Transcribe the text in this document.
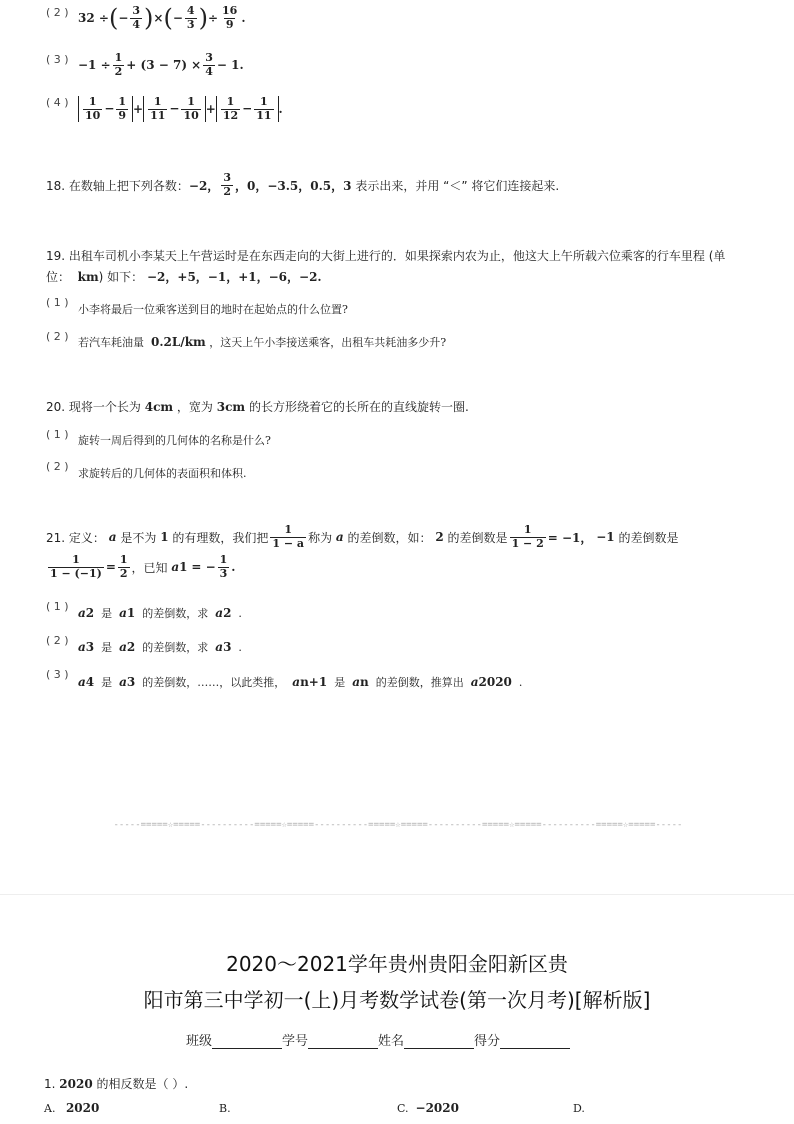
( 2 ) 32 ÷ ( − $\frac{3}{4}$ ) × ( − $\frac{4}{3}$ ) ÷ $\frac{16}{9}$ .
( 3 ) $-1 \div \frac{1}{2} + (3 - 7) \times \frac{3}{4} - 1$.
( 4 ) $\frac{1}{10} - \frac{1}{9} + \frac{1}{11} - \frac{1}{10} + \frac{1}{12} - \frac{1}{11}$ .
18. 在数轴上把下列各数： −2， $\frac{3}{2}$ ，0，−3.5，0.5，3
表示出来，并用 “＜” 将它们连接起来.
19. 出租车司机小李某天上午营运时是在东西走向的大街上进行的．如果探索内农为止，他这大上午所载六位乘客的行车里程 (单
位：
km ) 如下：
−2，+5，−1，+1，−6，−2.
( 1 )
小李将最后一位乘客送到目的地时在起始点的什么位置?
( 2 ) 若汽车耗油量
0.2L/km
，这天上午小李接送乘客，出租车共耗油多少升?
20. 现将一个长为
4cm
，宽为
3cm
的长方形绕着它的长所在的直线旋转一圈.
( 1 ) 旋转一周后得到的几何体的名称是什么?
( 2 )
求旋转后的几何体的表面积和体积.
21. 定义：
a
是不为
1
的有理数，我们把 $\frac{1}{1 - a}$ 称为
a
的差倒数，如：
2
的差倒数是 $\frac{1}{1 - 2} = -1$，
−1
的差倒数是
$\frac{1}{1 - (-1)} = \frac{1}{2}$ ，已知
a 1
= − $\frac{1}{3}$ .
( 1 ) a 2
是
a 1
的差倒数，求
a 2
.
( 2 ) a 3
是
a 2
的差倒数，求
a 3
.
( 3 )
a 4
是
a 3
的差倒数，……，以此类推，
a n+1
是
a n
的差倒数，推算出
a 2020
.
-----=====☆=====----------=====☆=====----------=====☆=====----------=====☆=====----------=====☆=====-----
2020～2021学年贵州贵阳金阳新区贵
阳市第三中学初一(上)月考数学试卷(第一次月考)[解析版]
班级	学号	姓名	得分
1.
2020
的相反数是（ ）.
A.
2020	B.	C.
−2020	D.
